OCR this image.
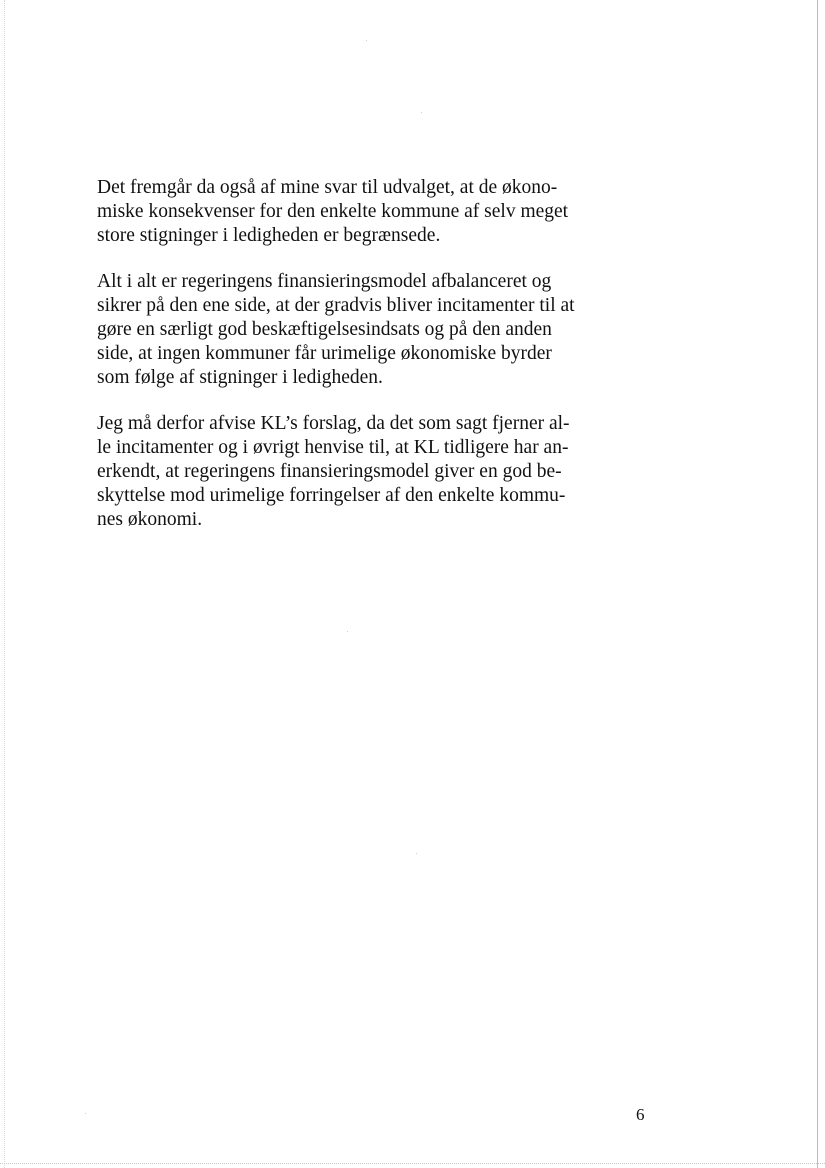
Det fremgår da også af mine svar til udvalget, at de økono-
miske konsekvenser for den enkelte kommune af selv meget
store stigninger i ledigheden er begrænsede.

Alt i alt er regeringens finansieringsmodel afbalanceret og
sikrer på den ene side, at der gradvis bliver incitamenter til at
gøre en særligt god beskæftigelsesindsats og på den anden
side, at ingen kommuner får urimelige økonomiske byrder
som følge af stigninger i ledigheden.

Jeg må derfor afvise KL’s forslag, da det som sagt fjerner al-
le incitamenter og i øvrigt henvise til, at KL tidligere har an-
erkendt, at regeringens finansieringsmodel giver en god be-
skyttelse mod urimelige forringelser af den enkelte kommu-
nes økonomi.

6
